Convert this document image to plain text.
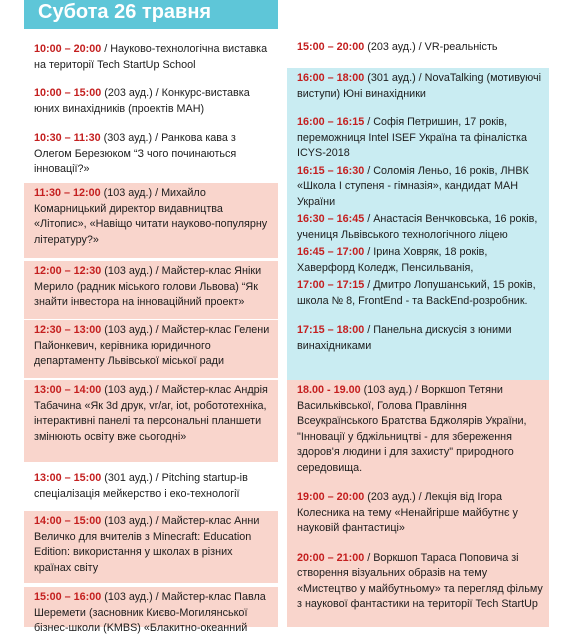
10:00 – 20:00 / Науково-технологічна виставка на території Tech StartUp School
10:00 – 15:00 (203 ауд.) / Конкурс-виставка юних винахідників (проектів МАН)
10:30 – 11:30 (303 ауд.) / Ранкова кава з Олегом Березюком “З чого починаються інновації?»
11:30 – 12:00 (103 ауд.) / Михайло Комарницький директор видавництва «Літопис», «Навіщо читати науково-популярну літературу?»
12:00 – 12:30 (103 ауд.) / Майстер-клас Яніки Мерило (радник міського голови Львова) “Як знайти інвестора на інноваційний проект»
12:30 – 13:00 (103 ауд.) / Майстер-клас Гелени Пайонкевич, керівника юридичного департаменту Львівської міської ради
13:00 – 14:00 (103 ауд.) / Майстер-клас Андрія Табачина «Як 3d друк, vr/ar, iot, робототехніка, інтерактивні панелі та персональні планшети змінюють освіту вже сьогодні»
13:00 – 15:00 (301 ауд.) / Pitching startup-ів спеціалізація мейкерство і еко-технології
14:00 – 15:00 (103 ауд.) / Майстер-клас Анни Величко для вчителів з Minecraft: Education Edition: використання у школах в різних країнах світу
15:00 – 16:00 (103 ауд.) / Майстер-клас Павла Шеремети (засновник Києво-Могилянської бізнес-школи (KMBS) «Блакитно-океанний
15:00 – 20:00 (203 ауд.) / VR-реальність
16:00 – 18:00 (301 ауд.) / NovaTalking (мотивуючі виступи) Юні винахідники
16:00 – 16:15 / Софія Петришин, 17 років, переможниця Intel ISEF Україна та фіналістка ICYS-2018
16:15 – 16:30 / Соломія Леньо, 16 років, ЛНВК «Школа I ступеня - гімназія», кандидат МАН України
16:30 – 16:45 / Анастасія Венчковська, 16 років, учениця Львівського технологічного ліцею
16:45 – 17:00 / Ірина Ховряк, 18 років, Хаверфорд Коледж, Пенсильванія,
17:00 – 17:15 / Дмитро Лопушанський, 15 років, школа № 8, FrontEnd - та BackEnd-розробник.
17:15 – 18:00 / Панельна дискусія з юними винахідниками
18.00 - 19.00 (103 ауд.) / Воркшоп Тетяни Васильківської, Голова Правління Всеукраїнського Братства Бджолярів України, "Інновації у бджільництві - для збереження здоров'я людини і для захисту" природного середовища.
19:00 – 20:00 (203 ауд.) / Лекція від Ігора Колесника на тему «Ненайгірше майбутнє у науковій фантастиці»
20:00 – 21:00 / Воркшоп Тараса Поповича зі створення візуальних образів на тему «Мистецтво у майбутньому» та перегляд фільму з наукової фантастики на території Tech StartUp
Субота 26 травня
